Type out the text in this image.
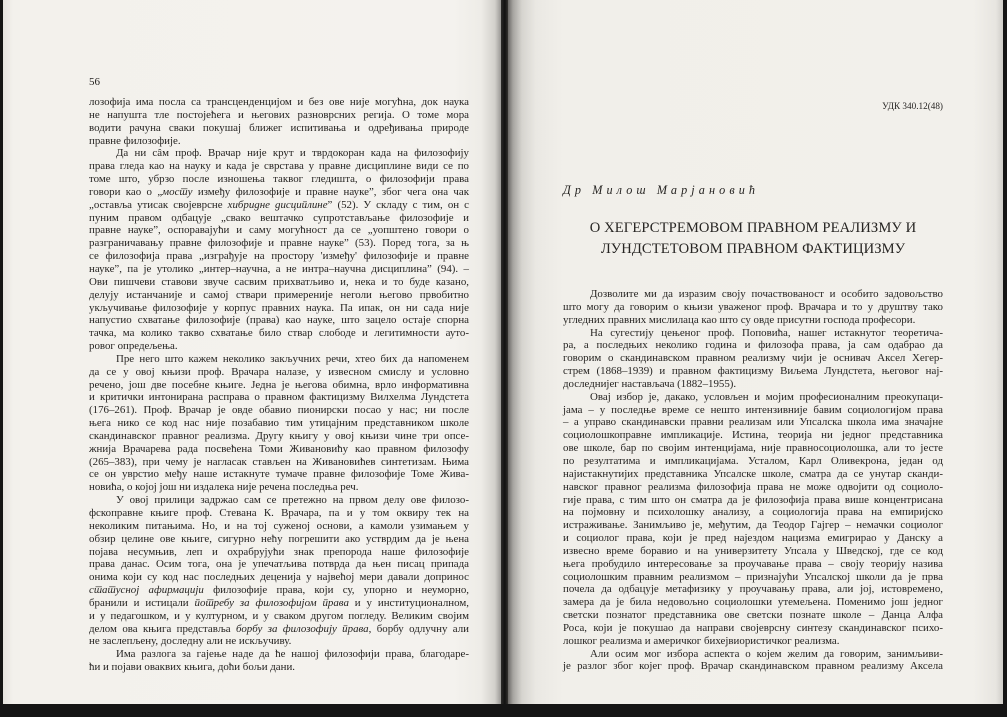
56
лозофија има посла са трансценденцијом и без ове није могућна, док наука
не напушта тле постојећега и његових разноврсних регија. О томе мора
водити рачуна сваки покушај ближег испитивања и одређивања природе
правне филозофије.
Да ни сâм проф. Врачар није крут и тврдокоран када на филозофију
права гледа као на науку и када је сврстава у правне дисциплине види се по
томе што, убрзо после изношења таквог гледишта, о филозофији права
говори као о „мосту између филозофије и правне науке”, због чега она чак
„оставља утисак својеврсне хибридне дисциплине” (52). У складу с тим, он с
пуним правом одбацује „свако вештачко супротстављање филозофије и
правне науке”, оспоравајући и саму могућност да се „уопштено говори о
разграничавању правне филозофије и правне науке” (53). Поред тога, за њ
се филозофија права „изграђује на простору 'између' филозофије и правне
науке”, па је утолико „интер–научна, а не интра–научна дисциплина” (94). –
Ови пишчеви ставови звуче сасвим прихватљиво и, нека и то буде казано,
делују истанчаније и самој ствари примереније неголи његово првобитно
укључивање филозофије у корпус правних наука. Па ипак, он ни сада није
напустио схватање филозофије (права) као науке, што зацело остаје спорна
тачка, ма колико такво схватање било ствар слободе и легитимности ауто-
ровог опредељења.
Пре него што кажем неколико закључних речи, хтео бих да напоменем
да се у овој књизи проф. Врачара налазе, у извесном смислу и условно
речено, још две посебне књиге. Једна је његова обимна, врло информативна
и критички интонирана расправа о правном фактицизму Вилхелма Лундстета
(176–261). Проф. Врачар је овде обавио пионирски посао у нас; ни после
њега нико се код нас није позабавио тим утицајним представником школе
скандинавског правног реализма. Другу књигу у овој књизи чине три опсе-
жнија Врачарева рада посвећена Томи Живановићу као правном филозофу
(265–383), при чему је нагласак стављен на Живановићев синтетизам. Њима
се он уврстио међу наше истакнуте тумаче правне филозофије Томе Жива-
новића, о којој још ни издалека није речена последња реч.
У овој прилици задржао сам се претежно на првом делу ове филозо-
фскоправне књиге проф. Стевана К. Врачара, па и у том оквиру тек на
неколиким питањима. Но, и на тој суженој основи, а камоли узимањем у
обзир целине ове књиге, сигурно нећу погрешити ако устврдим да је њена
појава несумњив, леп и охрабрујући знак препорода наше филозофије
права данас. Осим тога, она је упечатљива потврда да њен писац припада
онима који су код нас последњих деценија у највећој мери давали допринос
статусној афирмацији филозофије права, који су, упорно и неуморно,
бранили и истицали потребу за филозофијом права и у институционалном,
и у педагошком, и у културном, и у сваком другом погледу. Великим својим
делом ова књига представља борбу за филозофију права, борбу одлучну али
не заслепљену, доследну али не искључиву.
Има разлога за гајење наде да ће нашој филозофији права, благодаре-
ћи и појави оваквих књига, доћи бољи дани.
УДК 340.12(48)
Др Милош Марјановић
О ХЕГЕРСТРЕМОВОМ ПРАВНОМ РЕАЛИЗМУ И
ЛУНДСТЕТОВОМ ПРАВНОМ ФАКТИЦИЗМУ
Дозволите ми да изразим своју почаствованост и особито задовољство
што могу да говорим о књизи уваженог проф. Врачара и то у друштву тако
угледних правних мислилаца као што су овде присутни господа професори.
На сугестију цењеног проф. Поповића, нашег истакнутог теоретича-
ра, а последњих неколико година и филозофа права, ја сам одабрао да
говорим о скандинавском правном реализму чији је оснивач Аксел Хегер-
стрем (1868–1939) и правном фактицизму Виљема Лундстета, његовог нај-
доследнијег настављача (1882–1955).
Овај избор је, дакако, условљен и мојим професионалним преокупаци-
јама – у последње време се нешто интензивније бавим социологијом права
– а управо скандинавски правни реализам или Упсалска школа има значајне
социолошкоправне импликације. Истина, теорија ни једног представника
ове школе, бар по својим интенцијама, није правносоциолошка, али то јесте
по резултатима и импликацијама. Усталом, Карл Оливекрона, један од
најистакнутијих представника Упсалске школе, сматра да се унутар сканди-
навског правног реализма филозофија права не може одвојити од социоло-
гије права, с тим што он сматра да је филозофија права више концентрисана
на појмовну и психолошку анализу, а социологија права на емпиријско
истраживање. Занимљиво је, међутим, да Теодор Гајгер – немачки социолог
и социолог права, који је пред најездом нацизма емигрирао у Данску а
извесно време боравио и на универзитету Упсала у Шведској, где се код
њега пробудило интересовање за проучавање права – своју теорију назива
социолошким правним реализмом – признајући Упсалској школи да је прва
почела да одбацује метафизику у проучавању права, али јој, истовремено,
замера да је била недовољно социолошки утемељена. Поменимо још једног
светски познатог представника ове светски познате школе – Данца Алфа
Роса, који је покушао да направи својеврсну синтезу скандинавског психо-
лошког реализма и америчког бихејвиористичког реализма.
Али осим мог избора аспекта о којем желим да говорим, занимљиви-
је разлог због којег проф. Врачар скандинавском правном реализму Аксела
